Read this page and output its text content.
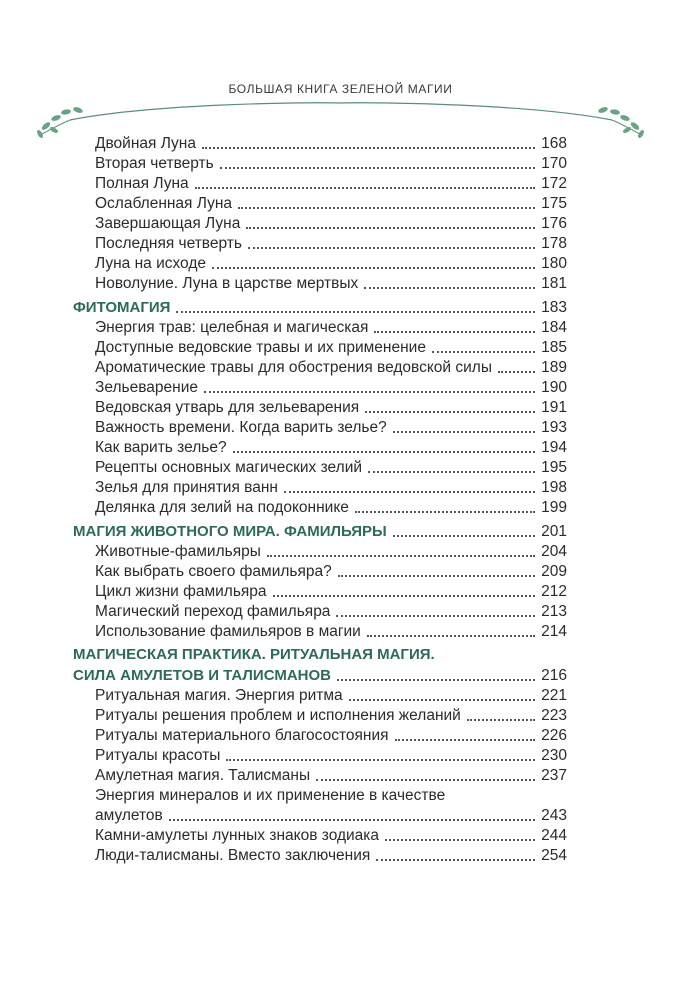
БОЛЬШАЯ КНИГА ЗЕЛЕНОЙ МАГИИ
Двойная Луна	168
Вторая четверть	170
Полная Луна	172
Ослабленная Луна	175
Завершающая Луна	176
Последняя четверть	178
Луна на исходе	180
Новолуние. Луна в царстве мертвых	181
ФИТОМАГИЯ	183
Энергия трав: целебная и магическая	184
Доступные ведовские травы и их применение	185
Ароматические травы для обострения ведовской силы	189
Зельеварение	190
Ведовская утварь для зельеварения	191
Важность времени. Когда варить зелье?	193
Как варить зелье?	194
Рецепты основных магических зелий	195
Зелья для принятия ванн	198
Делянка для зелий на подоконнике	199
МАГИЯ ЖИВОТНОГО МИРА. ФАМИЛЬЯРЫ	201
Животные-фамильяры	204
Как выбрать своего фамильяра?	209
Цикл жизни фамильяра	212
Магический переход фамильяра	213
Использование фамильяров в магии	214
МАГИЧЕСКАЯ ПРАКТИКА. РИТУАЛЬНАЯ МАГИЯ.
СИЛА АМУЛЕТОВ И ТАЛИСМАНОВ	216
Ритуальная магия. Энергия ритма	221
Ритуалы решения проблем и исполнения желаний	223
Ритуалы материального благосостояния	226
Ритуалы красоты	230
Амулетная магия. Талисманы	237
Энергия минералов и их применение в качестве
амулетов	243
Камни-амулеты лунных знаков зодиака	244
Люди-талисманы. Вместо заключения	254
